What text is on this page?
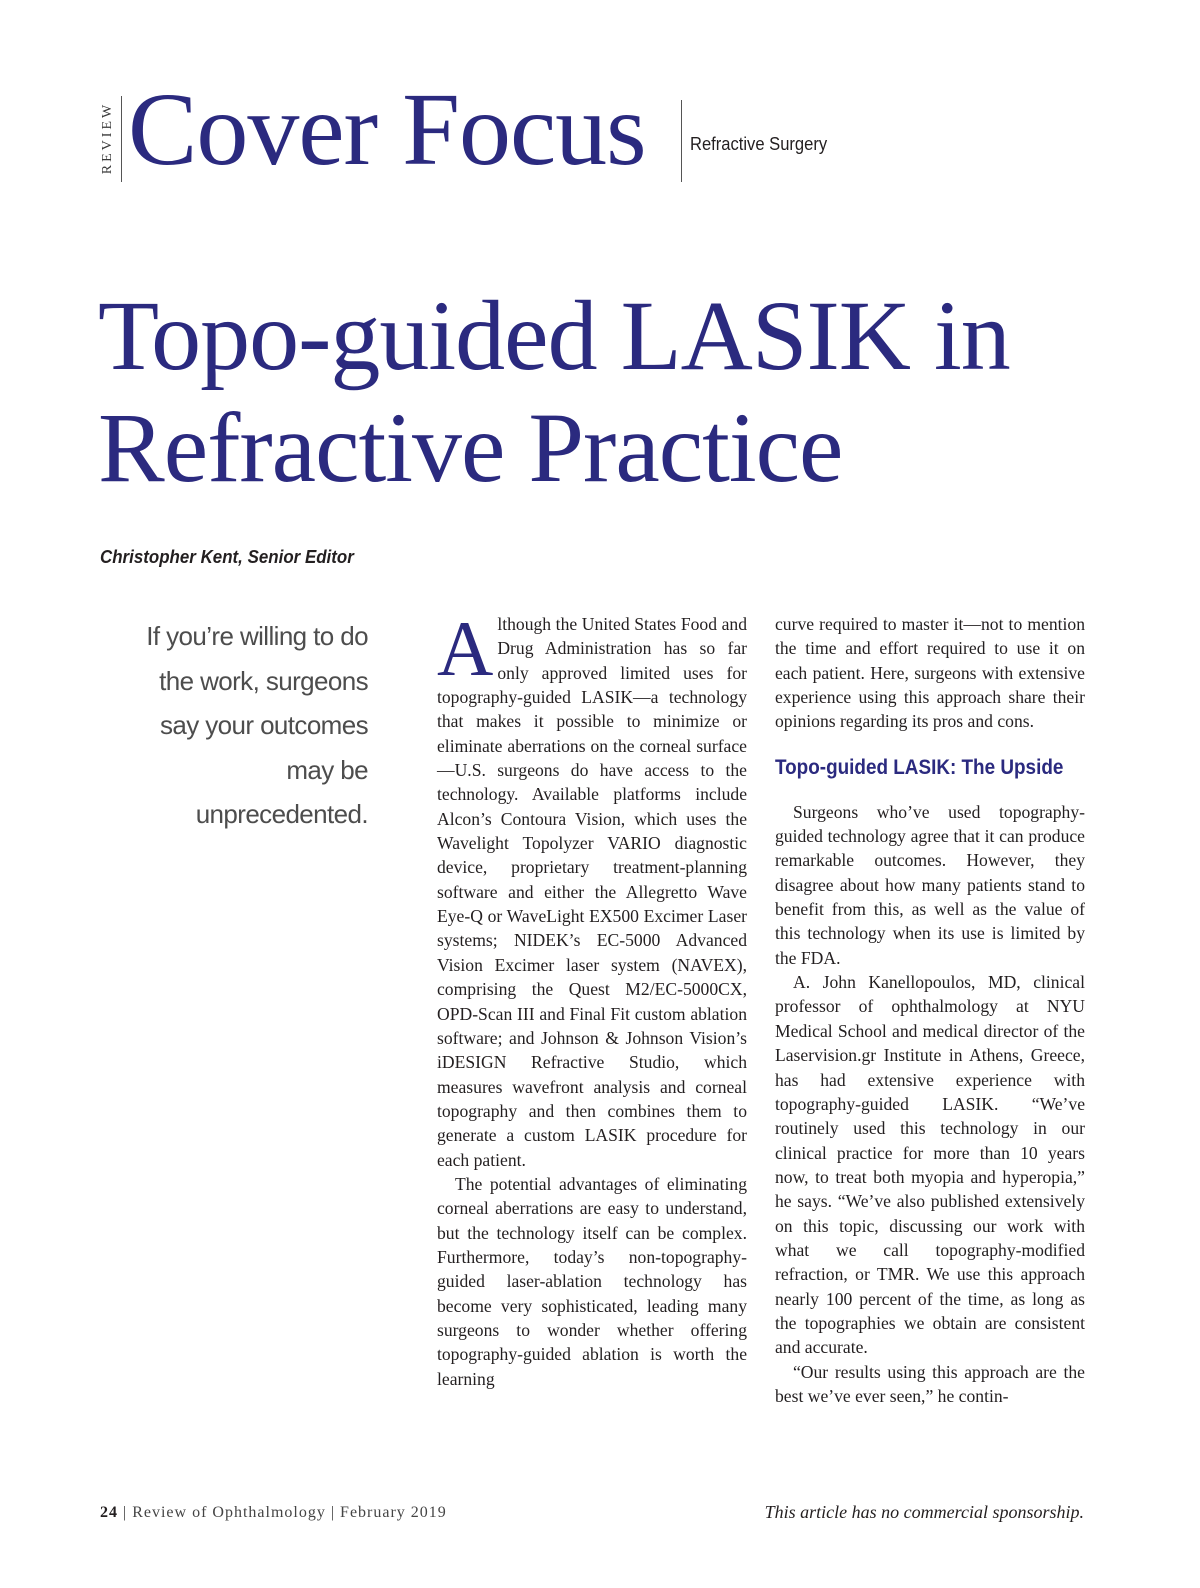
REVIEW Cover Focus Refractive Surgery
Topo-guided LASIK in Refractive Practice
Christopher Kent, Senior Editor

If you’re willing to do the work, surgeons say your outcomes may be unprecedented.

Although the United States Food and Drug Administration has so far only approved limited uses for topography-guided LASIK—a technology that makes it possible to minimize or eliminate aberrations on the corneal surface—U.S. surgeons do have access to the technology. Available platforms include Alcon’s Contoura Vision, which uses the Wavelight Topolyzer VARIO diagnostic device, proprietary treatment-planning software and either the Allegretto Wave Eye-Q or WaveLight EX500 Excimer Laser systems; NIDEK’s EC-5000 Advanced Vision Excimer laser system (NAVEX), comprising the Quest M2/EC-5000CX, OPD-Scan III and Final Fit custom ablation software; and Johnson & Johnson Vision’s iDESIGN Refractive Studio, which measures wavefront analysis and corneal topography and then combines them to generate a custom LASIK procedure for each patient.

The potential advantages of eliminating corneal aberrations are easy to understand, but the technology itself can be complex. Furthermore, today’s non-topography-guided laser-ablation technology has become very sophisticated, leading many surgeons to wonder whether offering topography-guided ablation is worth the learning

curve required to master it—not to mention the time and effort required to use it on each patient. Here, surgeons with extensive experience using this approach share their opinions regarding its pros and cons.

Topo-guided LASIK: The Upside

Surgeons who’ve used topography-guided technology agree that it can produce remarkable outcomes. However, they disagree about how many patients stand to benefit from this, as well as the value of this technology when its use is limited by the FDA.

A. John Kanellopoulos, MD, clinical professor of ophthalmology at NYU Medical School and medical director of the Laservision.gr Institute in Athens, Greece, has had extensive experience with topography-guided LASIK. “We’ve routinely used this technology in our clinical practice for more than 10 years now, to treat both myopia and hyperopia,” he says. “We’ve also published extensively on this topic, discussing our work with what we call topography-modified refraction, or TMR. We use this approach nearly 100 percent of the time, as long as the topographies we obtain are consistent and accurate.

“Our results using this approach are the best we’ve ever seen,” he contin-

24 | Review of Ophthalmology | February 2019	This article has no commercial sponsorship.
